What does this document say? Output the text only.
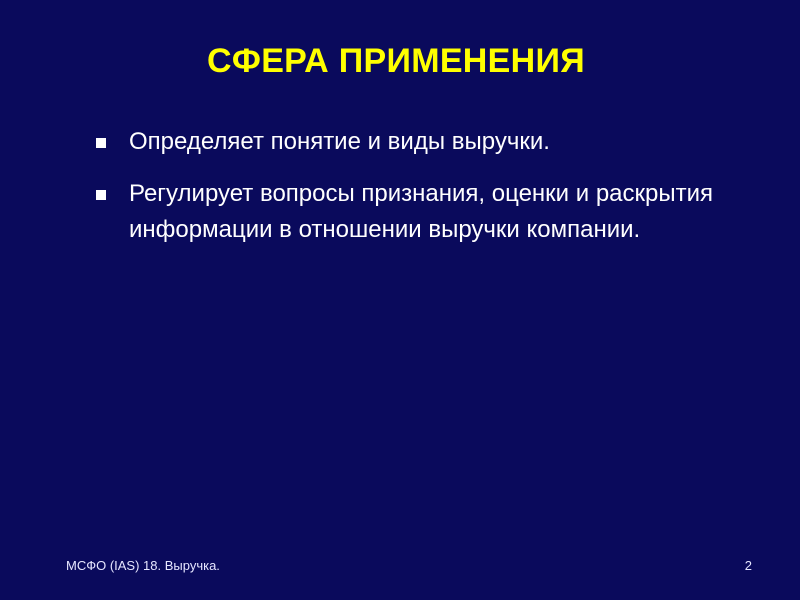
СФЕРА ПРИМЕНЕНИЯ
Определяет понятие и виды выручки.
Регулирует вопросы признания, оценки и раскрытия информации в отношении выручки компании.
МСФО (IAS) 18. Выручка.	2
